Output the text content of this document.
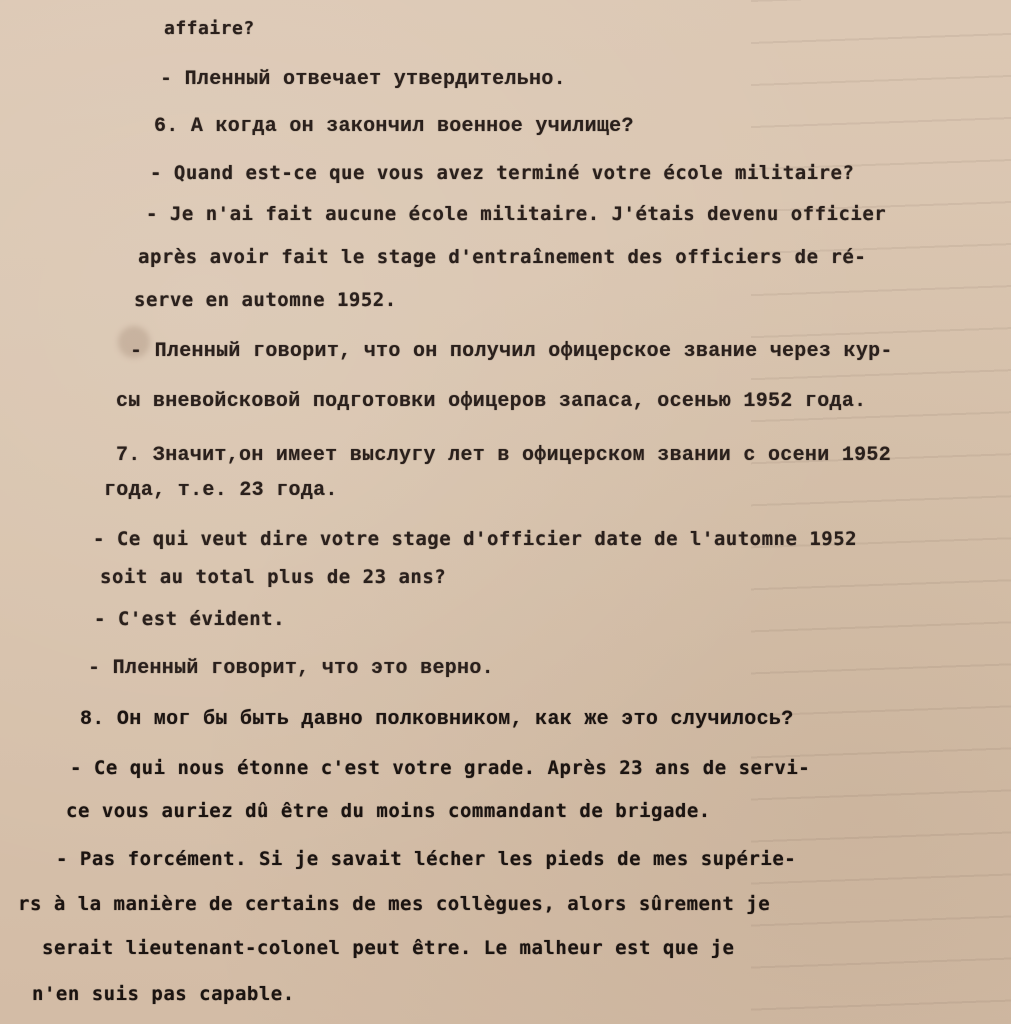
affaire?
- Пленный отвечает утвердительно.
6. А когда он закончил военное училище?
- Quand est-ce que vous avez terminé votre école militaire?
- Je n'ai fait aucune école militaire. J'étais devenu officier
après avoir fait le stage d'entraînement des officiers de ré-
serve en automne 1952.
- Пленный говорит, что он получил офицерское звание через кур-
сы вневойсковой подготовки офицеров запаса, осенью 1952 года.
7. Значит,он имеет выслугу лет в офицерском звании с осени 1952
года, т.е. 23 года.
- Ce qui veut dire votre stage d'officier date de l'automne 1952
soit au total plus de 23 ans?
- C'est évident.
- Пленный говорит, что это верно.
8. Он мог бы быть давно полковником, как же это случилось?
- Ce qui nous étonne c'est votre grade. Après 23 ans de servi-
ce vous auriez dû être du moins commandant de brigade.
- Pas forcément. Si je savait lécher les pieds de mes supérie-
rs à la manière de certains de mes collègues, alors sûrement je
serait lieutenant-colonel peut être. Le malheur est que je
n'en suis pas capable.
